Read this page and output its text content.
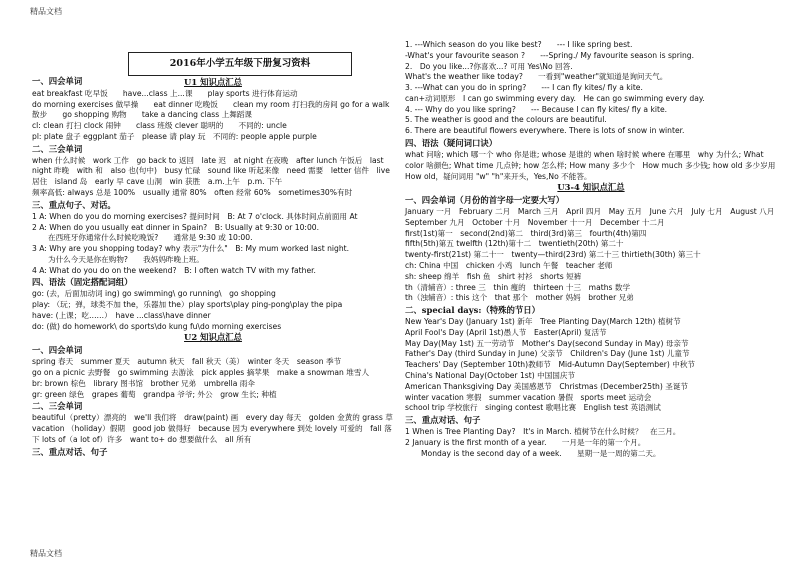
精品文档
精品文档
2016年小学五年级下册复习资料
一、四会单词	U1 知识点汇总
eat breakfast 吃早饭　　have...class 上...课　　play sports 进行体育运动
do morning exercises 做早操　　eat dinner 吃晚饭　　clean my room 打扫我的房间 go for a walk 散步　　go shopping 购物　　take a dancing class 上舞蹈课
cl: clean 打扫 clock 闹钟　　class 班级 clever 聪明的　　不同的: uncle
pl: plate 盘子 eggplant 茄子　please 请 play 玩　不同的: people apple purple
二、三会单词
when 什么时候　work 工作　go back to 返回　late 迟　at night 在夜晚　after lunch 午饭后　last night 昨晚　with 和　also 也(句中)　busy 忙碌　sound like 听起来像　need 需要　letter 信件　live 居住　island 岛　early 早 cave 山洞　win 获胜　a.m.上午　p.m. 下午
频率高低: always 总是 100%　usually 通常 80%　often 经常 60%　sometimes30%有时
三、重点句子、对话。
1 A: When do you do morning exercises? 提问时间　B: At 7 o'clock. 具体时间点前面用 At
2 A: When do you usually eat dinner in Spain?　B: Usually at 9:30 or 10:00.
在西班牙你通常什么时候吃晚饭?　　通常是 9:30 或 10:00.
3 A: Why are you shopping today? why 表示"为什么"　B: My mum worked last night.
为什么今天是你在购物?　　我妈妈昨晚上班。
4 A: What do you do on the weekend?　B: I often watch TV with my father.
四、语法（固定搭配词组）
go: (去，后面加动词 ing) go swimming\ go running\　go shopping
play: （玩；弹，球类不加 the，乐器加 the）play sports\play ping-pong\play the pipa
have: (上课；吃……）　have ...class\have dinner
do: (做) do homework\ do sports\do kung fu\do morning exercises
U2 知识点汇总
一、四会单词
spring 春天　summer 夏天　autumn 秋天　fall 秋天（美）　winter 冬天　season 季节
go on a picnic 去野餐　go swimming 去游泳　pick apples 摘苹果　make a snowman 堆雪人
br: brown 棕色　library 图书馆　brother 兄弟　umbrella 雨伞
gr: green 绿色　grapes 葡萄　grandpa 爷爷; 外公　grow 生长; 种植
二、三会单词
beautiful（pretty）漂亮的　we'll 我们将　draw(paint) 画　every day 每天　golden 金黄的 grass 草　vacation （holiday）假期　good job 做得好　because 因为 everywhere 到处 lovely 可爱的　fall 落下 lots of（a lot of）许多　want to+ do 想要做什么　all 所有
三、重点对话、句子
1. ---Which season do you like best?　　--- I like spring best.
-What's your favourite season ?　　---Spring./ My favourite season is spring.
2.　Do you like...?你喜欢...? 可用 Yes\No 回答.
What's the weather like today?　　一看到"weather"就知道是询问天气。
3. ---What can you do in spring?　　--- I can fly kites/ fly a kite.
can+动词原形　I can go swimming every day.　He can go swimming every day.
4. --- Why do you like spring?　　--- Because I can fly kites/ fly a kite.
5. The weather is good and the colours are beautiful.
6. There are beautiful flowers everywhere. There is lots of snow in winter.
四、语法（疑问词口诀）
what 问啥; which 哪一个 who 你是谁; whose 是谁的 when 啥时候 where 在哪里　why 为什么; What color 啥颜色; What time 几点钟; how 怎么样; How many 多少个　How much 多少钱; how old 多少岁用 How old，疑问词用 "w" "h"来开头，Yes,No 不能答。
U3-4 知识点汇总
一、四会单词（月份的首字母一定要大写）
January 一月　February 二月　March 三月　April 四月　May 五月　June 六月　July 七月　August 八月　September 九月　October 十月　November 十一月　December 十二月
first(1st)第一　second(2nd)第二　third(3rd)第三　fourth(4th)第四
fifth(5th)第五 twelfth (12th)第十二　twentieth(20th) 第二十
twenty-first(21st) 第二十一　twenty—third(23rd) 第二十三 thirtieth(30th) 第三十
ch: China 中国　chicken 小鸡　lunch 午餐　teacher 老师
sh: sheep 绵羊　fish 鱼　shirt 衬衫　shorts 短裤
th（清辅音）: three 三　thin 瘦的　thirteen 十三　maths 数学
th（浊辅音）: this 这个　that 那个　mother 妈妈　brother 兄弟
二、special days:（特殊的节日）
New Year's Day (January 1st) 新年　Tree Planting Day(March 12th) 植树节
April Fool's Day (April 1st)愚人节　Easter(April) 复活节
May Day(May 1st) 五一劳动节　Mother's Day(second Sunday in May) 母亲节
Father's Day (third Sunday in June) 父亲节　Children's Day (June 1st) 儿童节
Teachers' Day (September 10th)教师节　Mid-Autumn Day(September) 中秋节
China's National Day(October 1st) 中国国庆节
American Thanksgiving Day 美国感恩节　Christmas (December25th) 圣诞节
winter vacation 寒假　summer vacation 暑假　sports meet 运动会
school trip 学校旅行　singing contest 歌唱比赛　English test 英语测试
三、重点对话、句子
1 When is Tree Planting Day?　It's in March. 植树节在什么时候？　在三月。
2 January is the first month of a year.　　一月是一年的第一个月。
Monday is the second day of a week.　　星期一是一周的第二天。
